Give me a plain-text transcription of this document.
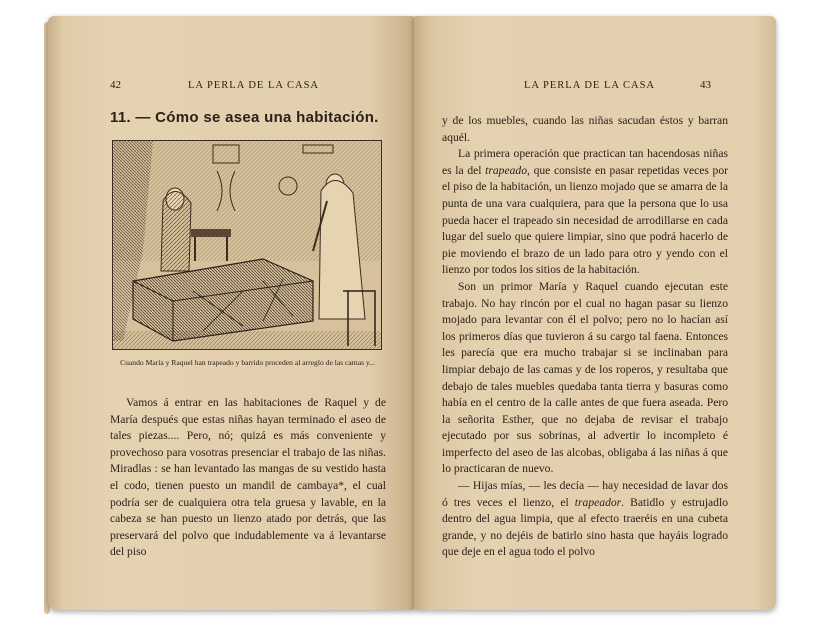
42	LA PERLA DE LA CASA
11. — Cómo se asea una habitación.
Cuando María y Raquel han trapeado y barrido proceden al arreglo de las camas y...

Vamos á entrar en las habitaciones de Raquel y de María después que estas niñas hayan terminado el aseo de tales piezas.... Pero, nó; quizá es más conveniente y provechoso para vosotras presenciar el trabajo de las niñas. Miradlas : se han levantado las mangas de su vestido hasta el codo, tienen puesto un mandil de cambaya*, el cual podría ser de cualquiera otra tela gruesa y lavable, en la cabeza se han puesto un lienzo atado por detrás, que las preservará del polvo que indudablemente va á levantarse del piso

LA PERLA DE LA CASA	43

y de los muebles, cuando las niñas sacudan éstos y barran aquél.

La primera operación que practican tan hacendosas niñas es la del trapeado, que consiste en pasar repetidas veces por el piso de la habitación, un lienzo mojado que se amarra de la punta de una vara cualquiera, para que la persona que lo usa pueda hacer el trapeado sin necesidad de arrodillarse en cada lugar del suelo que quiere limpiar, sino que podrá hacerlo de pie moviendo el brazo de un lado para otro y yendo con el lienzo por todos los sitios de la habitación.

Son un primor María y Raquel cuando ejecutan este trabajo. No hay rincón por el cual no hagan pasar su lienzo mojado para levantar con él el polvo; pero no lo hacían así los primeros días que tuvieron á su cargo tal faena. Entonces les parecía que era mucho trabajar si se inclinaban para limpiar debajo de las camas y de los roperos, y resultaba que debajo de tales muebles quedaba tanta tierra y basuras como había en el centro de la calle antes de que fuera aseada. Pero la señorita Esther, que no dejaba de revisar el trabajo ejecutado por sus sobrinas, al advertir lo incompleto é imperfecto del aseo de las alcobas, obligaba á las niñas á que lo practicaran de nuevo.

— Hijas mías, — les decía — hay necesidad de lavar dos ó tres veces el lienzo, el trapeador. Batidlo y estrujadlo dentro del agua limpia, que al efecto traeréis en una cubeta grande, y no dejéis de batirlo sino hasta que hayáis logrado que deje en el agua todo el polvo
